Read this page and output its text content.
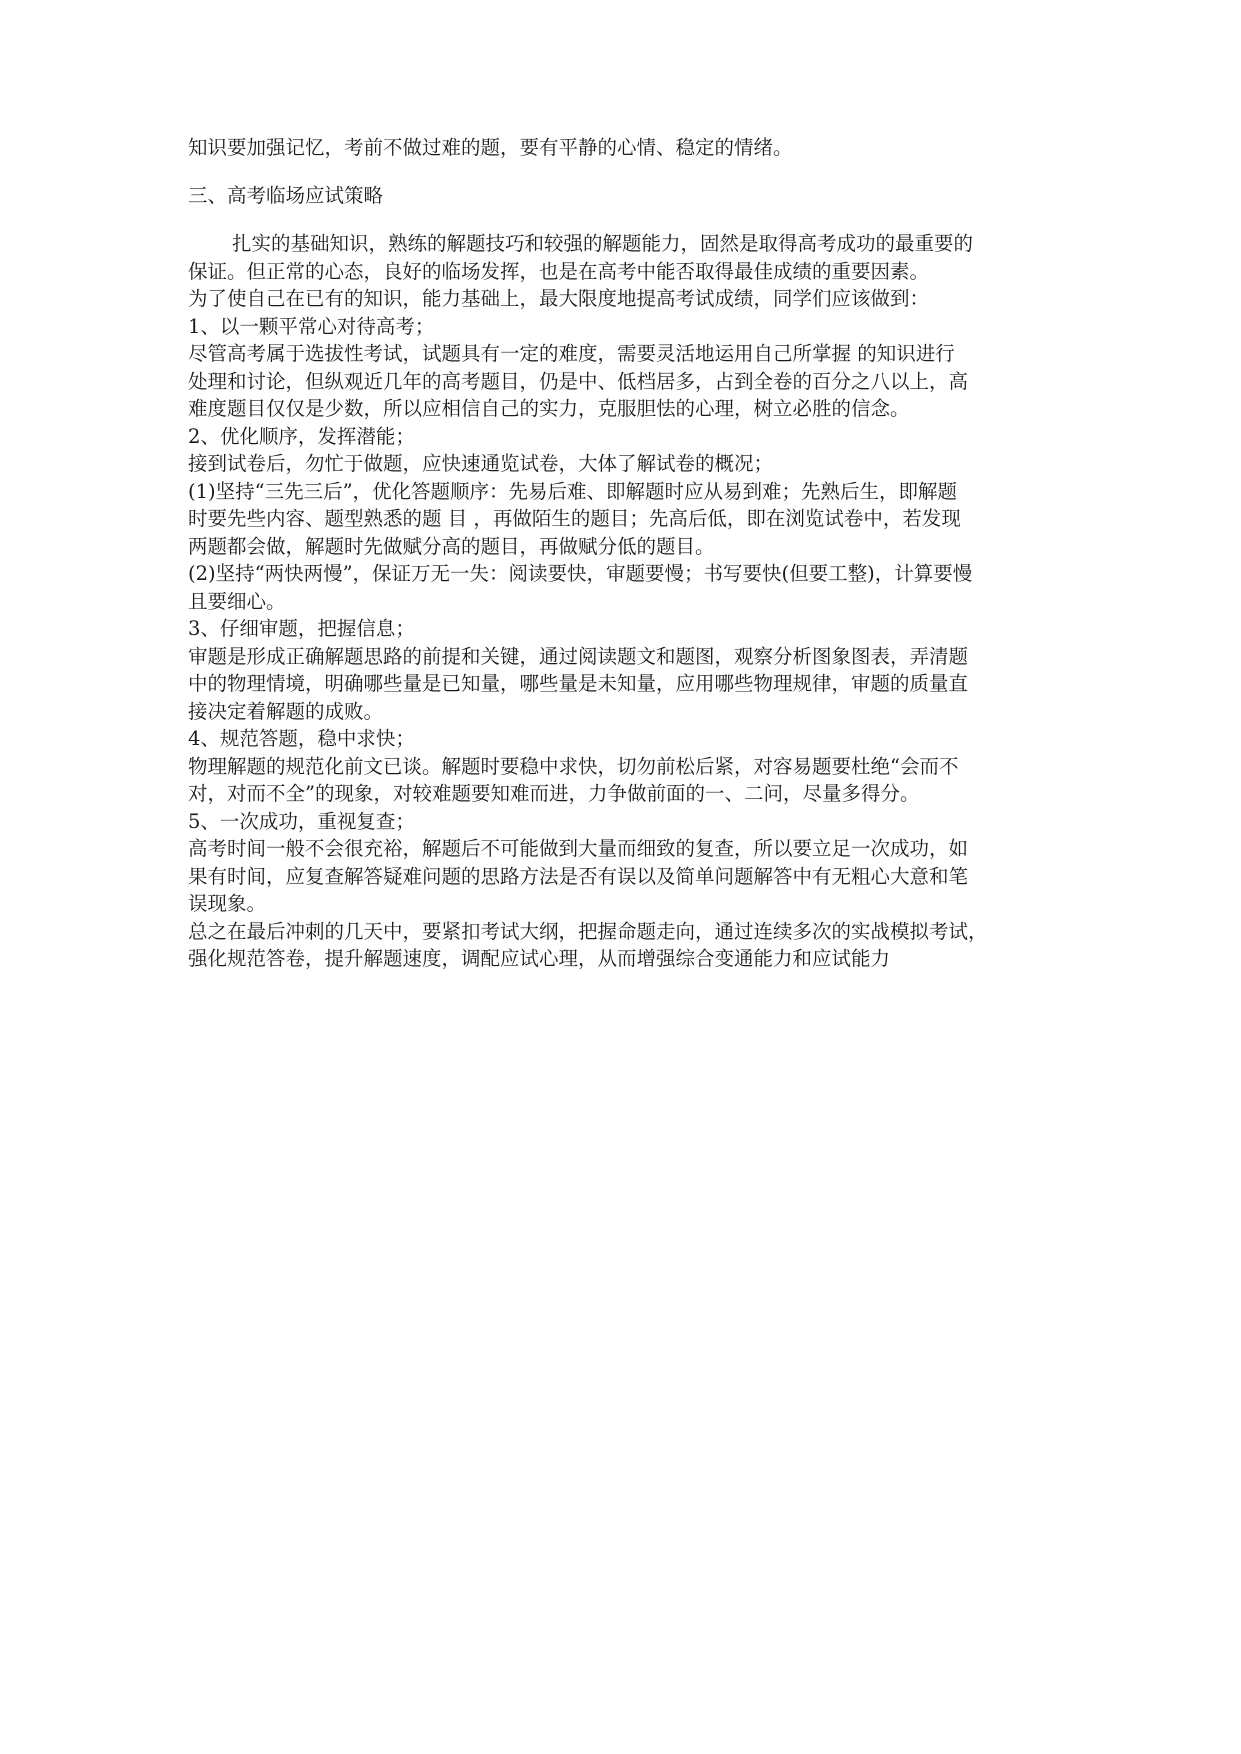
知识要加强记忆，考前不做过难的题，要有平静的心情、稳定的情绪。
三、高考临场应试策略
扎实的基础知识，熟练的解题技巧和较强的解题能力，固然是取得高考成功的最重要的
保证。但正常的心态，良好的临场发挥，也是在高考中能否取得最佳成绩的重要因素。
为了使自己在已有的知识，能力基础上，最大限度地提高考试成绩，同学们应该做到：
1、以一颗平常心对待高考；
尽管高考属于选拔性考试，试题具有一定的难度，需要灵活地运用自己所掌握 的知识进行
处理和讨论，但纵观近几年的高考题目，仍是中、低档居多，占到全卷的百分之八以上，高
难度题目仅仅是少数，所以应相信自己的实力，克服胆怯的心理，树立必胜的信念。
2、优化顺序，发挥潜能；
接到试卷后，勿忙于做题，应快速通览试卷，大体了解试卷的概况；
(1)坚持“三先三后”，优化答题顺序：先易后难、即解题时应从易到难；先熟后生，即解题
时要先些内容、题型熟悉的题 目 ，再做陌生的题目；先高后低，即在浏览试卷中，若发现
两题都会做，解题时先做赋分高的题目，再做赋分低的题目。
(2)坚持“两快两慢”，保证万无一失：阅读要快，审题要慢；书写要快(但要工整)，计算要慢
且要细心。
3、仔细审题，把握信息；
审题是形成正确解题思路的前提和关键，通过阅读题文和题图，观察分析图象图表，弄清题
中的物理情境，明确哪些量是已知量，哪些量是未知量，应用哪些物理规律，审题的质量直
接决定着解题的成败。
4、规范答题，稳中求快；
物理解题的规范化前文已谈。解题时要稳中求快，切勿前松后紧，对容易题要杜绝“会而不
对，对而不全”的现象，对较难题要知难而进，力争做前面的一、二问，尽量多得分。
5、一次成功，重视复查；
高考时间一般不会很充裕，解题后不可能做到大量而细致的复查，所以要立足一次成功，如
果有时间，应复查解答疑难问题的思路方法是否有误以及简单问题解答中有无粗心大意和笔
误现象。
总之在最后冲刺的几天中，要紧扣考试大纲，把握命题走向，通过连续多次的实战模拟考试，
强化规范答卷，提升解题速度，调配应试心理，从而增强综合变通能力和应试能力
